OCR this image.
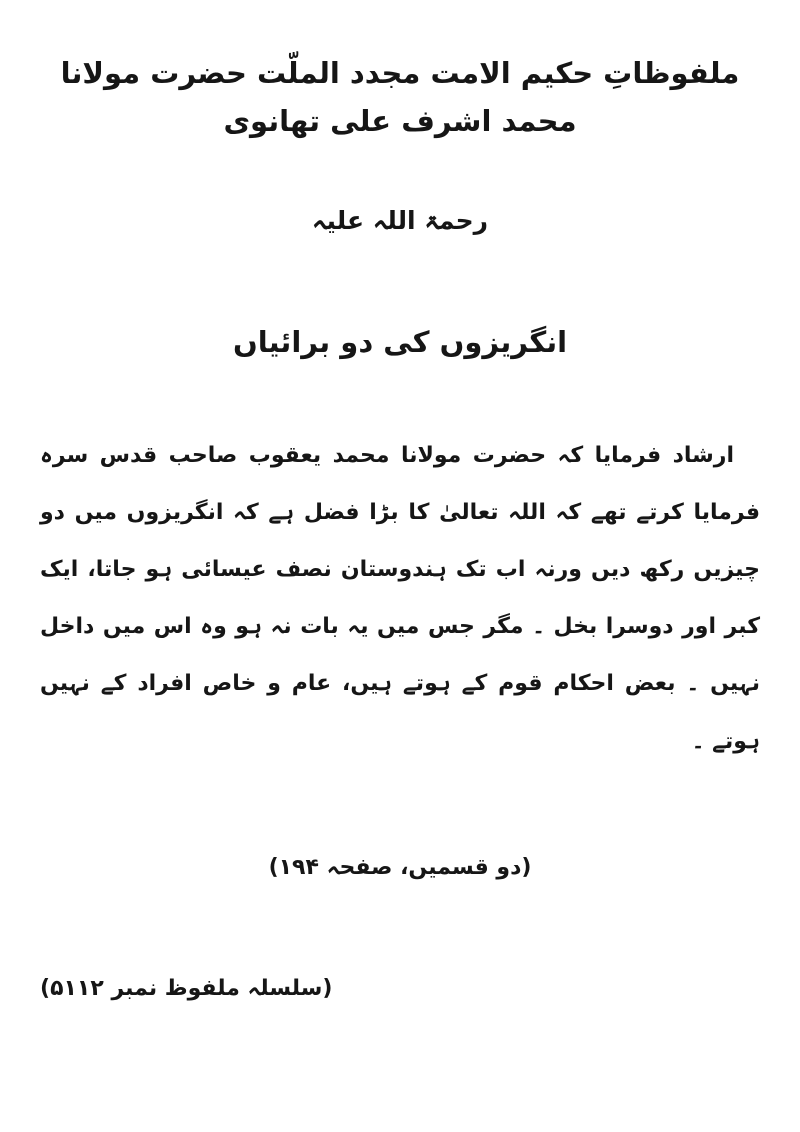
ملفوظاتِ حکیم الامت مجدد الملّت حضرت مولانا محمد اشرف علی تھانوی
رحمۃ اللہ علیہ
انگریزوں کی دو برائیاں

ارشاد فرمایا کہ حضرت مولانا محمد یعقوب صاحب قدس سرہ فرمایا کرتے تھے کہ اللہ تعالیٰ کا بڑا فضل ہے کہ انگریزوں میں دو چیزیں رکھ دیں ورنہ اب تک ہندوستان نصف عیسائی ہو جاتا، ایک کبر اور دوسرا بخل ۔ مگر جس میں یہ بات نہ ہو وہ اس میں داخل نہیں ۔ بعض احکام قوم کے ہوتے ہیں، عام و خاص افراد کے نہیں ہوتے ۔

(دو قسمیں، صفحہ ۱۹۴)
(سلسلہ ملفوظ نمبر ۵۱۱۲)
